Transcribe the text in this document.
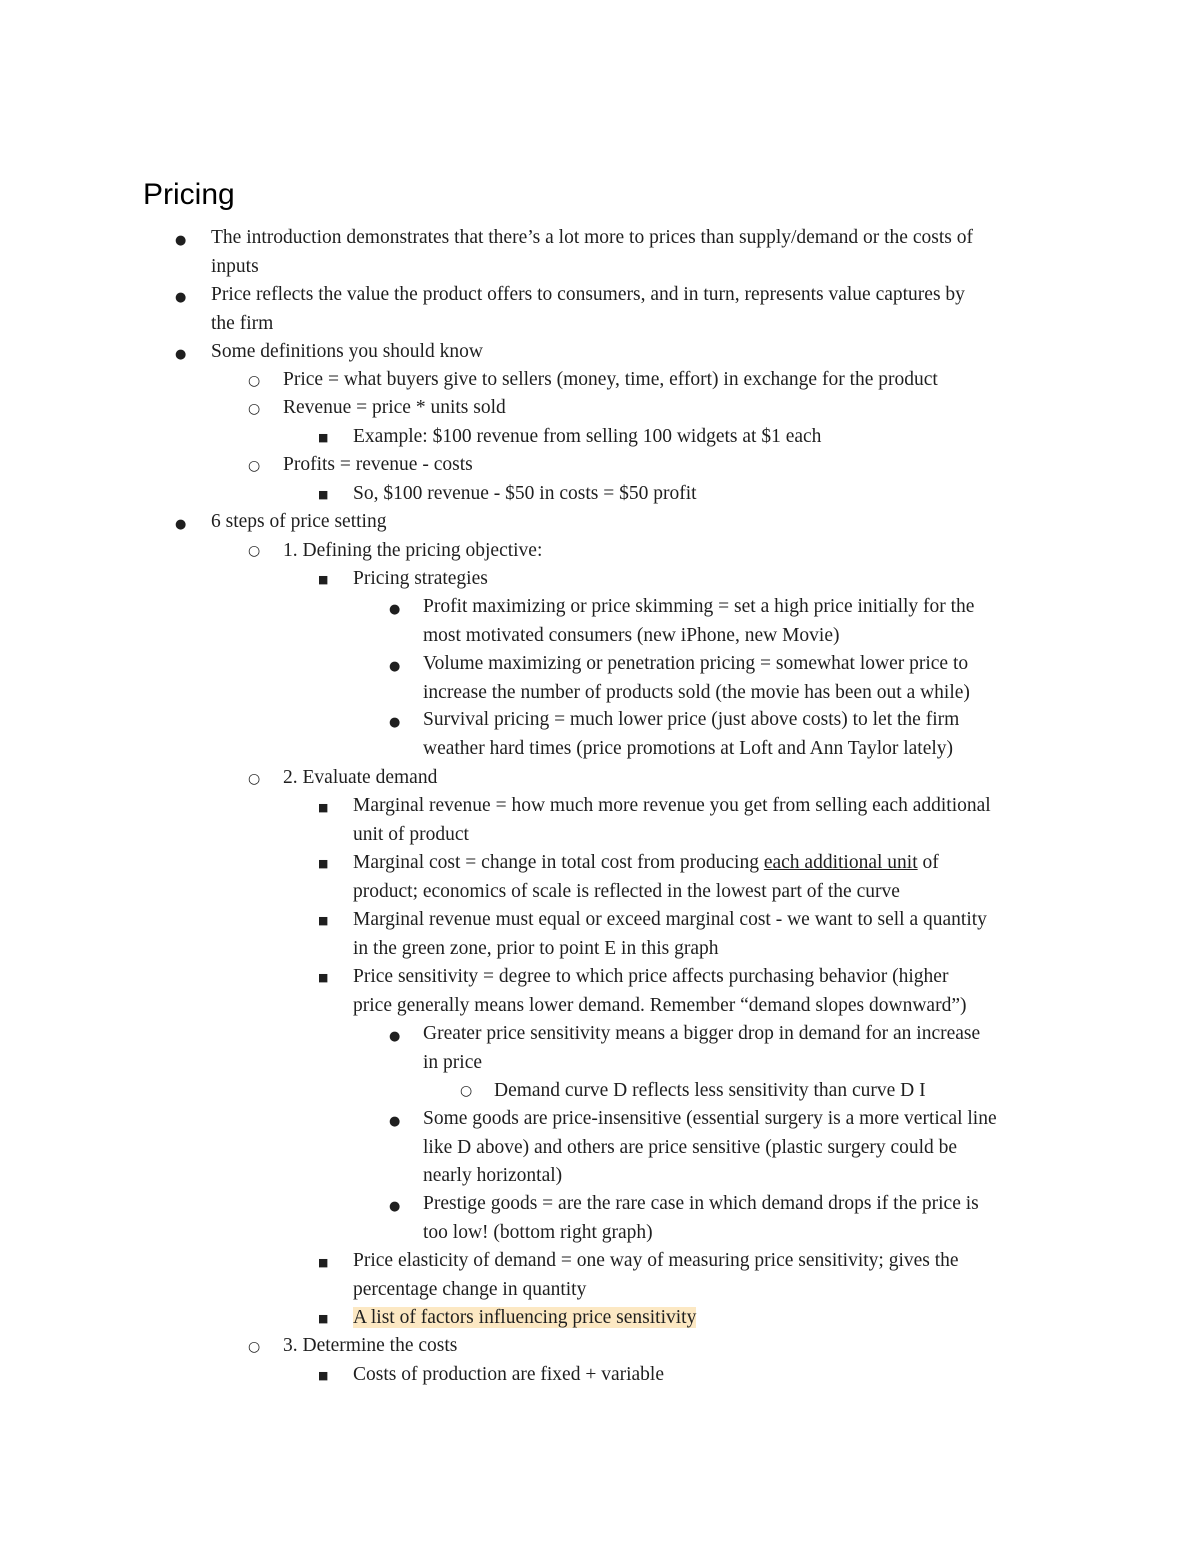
Pricing
● The introduction demonstrates that there’s a lot more to prices than supply/demand or the costs of
inputs
● Price reflects the value the product offers to consumers, and in turn, represents value captures by
the firm
● Some definitions you should know
○ Price = what buyers give to sellers (money, time, effort) in exchange for the product
○ Revenue = price * units sold
■ Example: $100 revenue from selling 100 widgets at $1 each
○ Profits = revenue - costs
■ So, $100 revenue - $50 in costs = $50 profit
● 6 steps of price setting
○ 1. Defining the pricing objective:
■ Pricing strategies
● Profit maximizing or price skimming = set a high price initially for the
most motivated consumers (new iPhone, new Movie)
● Volume maximizing or penetration pricing = somewhat lower price to
increase the number of products sold (the movie has been out a while)
● Survival pricing = much lower price (just above costs) to let the firm
weather hard times (price promotions at Loft and Ann Taylor lately)
○ 2. Evaluate demand
■ Marginal revenue = how much more revenue you get from selling each additional
unit of product
■ Marginal cost = change in total cost from producing each additional unit of
product; economics of scale is reflected in the lowest part of the curve
■ Marginal revenue must equal or exceed marginal cost - we want to sell a quantity
in the green zone, prior to point E in this graph
■ Price sensitivity = degree to which price affects purchasing behavior (higher
price generally means lower demand. Remember “demand slopes downward”)
● Greater price sensitivity means a bigger drop in demand for an increase
in price
○ Demand curve D reflects less sensitivity than curve D I
● Some goods are price-insensitive (essential surgery is a more vertical line
like D above) and others are price sensitive (plastic surgery could be
nearly horizontal)
● Prestige goods = are the rare case in which demand drops if the price is
too low! (bottom right graph)
■ Price elasticity of demand = one way of measuring price sensitivity; gives the
percentage change in quantity
■ A list of factors influencing price sensitivity
○ 3. Determine the costs
■ Costs of production are fixed + variable
